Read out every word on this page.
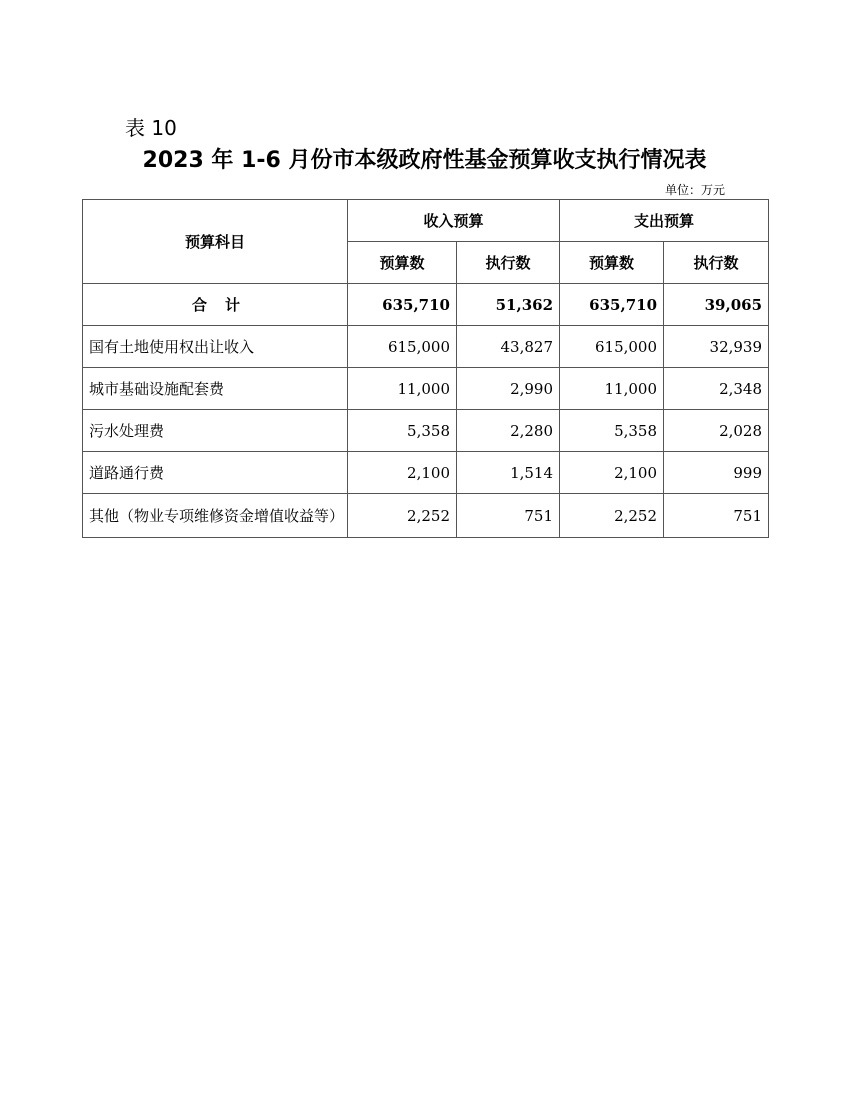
表 10
2023 年 1-6 月份市本级政府性基金预算收支执行情况表
单位：万元
预算科目	收入预算		支出预算	
	预算数	执行数	预算数	执行数
合计	635,710	51,362	635,710	39,065
国有土地使用权出让收入	615,000	43,827	615,000	32,939
城市基础设施配套费	11,000	2,990	11,000	2,348
污水处理费	5,358	2,280	5,358	2,028
道路通行费	2,100	1,514	2,100	999
其他（物业专项维修资金增值收益等）	2,252	751	2,252	751
